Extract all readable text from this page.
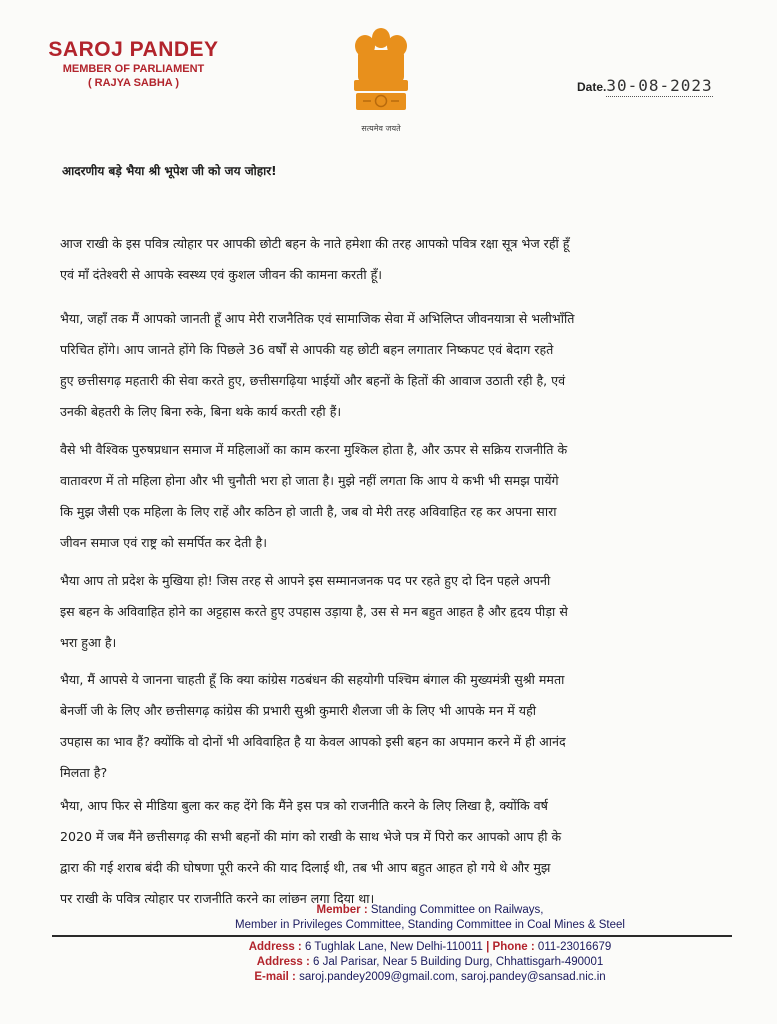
SAROJ PANDEY
MEMBER OF PARLIAMENT
( RAJYA SABHA )
सत्यमेव जयते
Date.30-08-2023
आदरणीय बड़े भैया श्री भूपेश जी को जय जोहार!

आज राखी के इस पवित्र त्योहार पर आपकी छोटी बहन के नाते हमेशा की तरह आपको पवित्र रक्षा सूत्र भेज रहीं हूँ
एवं माँ दंतेश्वरी से आपके स्वस्थ्य एवं कुशल जीवन की कामना करती हूँ।

भैया, जहाँ तक मैं आपको जानती हूँ आप मेरी राजनैतिक एवं सामाजिक सेवा में अभिलिप्त जीवनयात्रा से भलीभाँति
परिचित होंगे। आप जानते होंगे कि पिछले 36 वर्षों से आपकी यह छोटी बहन लगातार निष्कपट एवं बेदाग रहते
हुए छत्तीसगढ़ महतारी की सेवा करते हुए, छत्तीसगढ़िया भाईयों और बहनों के हितों की आवाज उठाती रही है, एवं
उनकी बेहतरी के लिए बिना रुके, बिना थके कार्य करती रही हैं।

वैसे भी वैश्विक पुरुषप्रधान समाज में महिलाओं का काम करना मुश्किल होता है, और ऊपर से सक्रिय राजनीति के
वातावरण में तो महिला होना और भी चुनौती भरा हो जाता है। मुझे नहीं लगता कि आप ये कभी भी समझ पायेंगे
कि मुझ जैसी एक महिला के लिए राहें और कठिन हो जाती है, जब वो मेरी तरह अविवाहित रह कर अपना सारा
जीवन समाज एवं राष्ट्र को समर्पित कर देती है।

भैया आप तो प्रदेश के मुखिया हो! जिस तरह से आपने इस सम्मानजनक पद पर रहते हुए दो दिन पहले अपनी
इस बहन के अविवाहित होने का अट्टहास करते हुए उपहास उड़ाया है, उस से मन बहुत आहत है और हृदय पीड़ा से
भरा हुआ है।

भैया, मैं आपसे ये जानना चाहती हूँ कि क्या कांग्रेस गठबंधन की सहयोगी पश्चिम बंगाल की मुख्यमंत्री सुश्री ममता
बेनर्जी जी के लिए और छत्तीसगढ़ कांग्रेस की प्रभारी सुश्री कुमारी शैलजा जी के लिए भी आपके मन में यही
उपहास का भाव हैं? क्योंकि वो दोनों भी अविवाहित है या केवल आपको इसी बहन का अपमान करने में ही आनंद
मिलता है?

भैया, आप फिर से मीडिया बुला कर कह देंगे कि मैंने इस पत्र को राजनीति करने के लिए लिखा है, क्योंकि वर्ष
2020 में जब मैंने छत्तीसगढ़ की सभी बहनों की मांग को राखी के साथ भेजे पत्र में पिरो कर आपको आप ही के
द्वारा की गई शराब बंदी की घोषणा पूरी करने की याद दिलाई थी, तब भी आप बहुत आहत हो गये थे और मुझ
पर राखी के पवित्र त्योहार पर राजनीति करने का लांछन लगा दिया था।

Member : Standing Committee on Railways,
Member in Privileges Committee, Standing Committee in Coal Mines & Steel
Address : 6 Tughlak Lane, New Delhi-110011 | Phone : 011-23016679
Address : 6 Jal Parisar, Near 5 Building Durg, Chhattisgarh-490001
E-mail : saroj.pandey2009@gmail.com, saroj.pandey@sansad.nic.in
